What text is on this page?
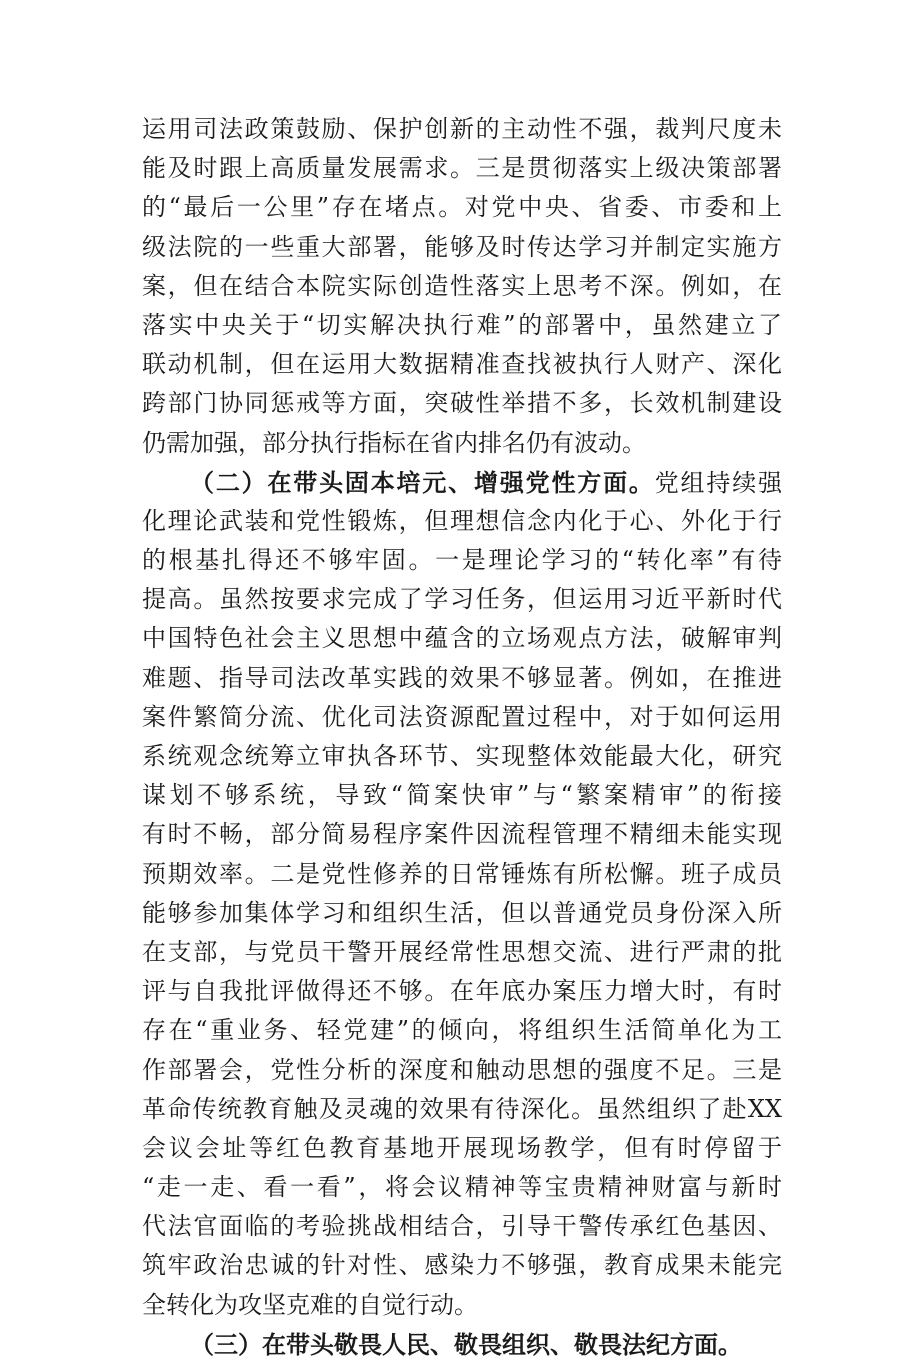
运用司法政策鼓励、保护创新的主动性不强，裁判尺度未
能及时跟上高质量发展需求。三是贯彻落实上级决策部署
的“最后一公里”存在堵点。对党中央、省委、市委和上
级法院的一些重大部署，能够及时传达学习并制定实施方
案，但在结合本院实际创造性落实上思考不深。例如，在
落实中央关于“切实解决执行难”的部署中，虽然建立了
联动机制，但在运用大数据精准查找被执行人财产、深化
跨部门协同惩戒等方面，突破性举措不多，长效机制建设
仍需加强，部分执行指标在省内排名仍有波动。
（二）在带头固本培元、增强党性方面。党组持续强
化理论武装和党性锻炼，但理想信念内化于心、外化于行
的根基扎得还不够牢固。一是理论学习的“转化率”有待
提高。虽然按要求完成了学习任务，但运用习近平新时代
中国特色社会主义思想中蕴含的立场观点方法，破解审判
难题、指导司法改革实践的效果不够显著。例如，在推进
案件繁简分流、优化司法资源配置过程中，对于如何运用
系统观念统筹立审执各环节、实现整体效能最大化，研究
谋划不够系统，导致“简案快审”与“繁案精审”的衔接
有时不畅，部分简易程序案件因流程管理不精细未能实现
预期效率。二是党性修养的日常锤炼有所松懈。班子成员
能够参加集体学习和组织生活，但以普通党员身份深入所
在支部，与党员干警开展经常性思想交流、进行严肃的批
评与自我批评做得还不够。在年底办案压力增大时，有时
存在“重业务、轻党建”的倾向，将组织生活简单化为工
作部署会，党性分析的深度和触动思想的强度不足。三是
革命传统教育触及灵魂的效果有待深化。虽然组织了赴XX
会议会址等红色教育基地开展现场教学，但有时停留于
“走一走、看一看”，将会议精神等宝贵精神财富与新时
代法官面临的考验挑战相结合，引导干警传承红色基因、
筑牢政治忠诚的针对性、感染力不够强，教育成果未能完
全转化为攻坚克难的自觉行动。
（三）在带头敬畏人民、敬畏组织、敬畏法纪方面。
